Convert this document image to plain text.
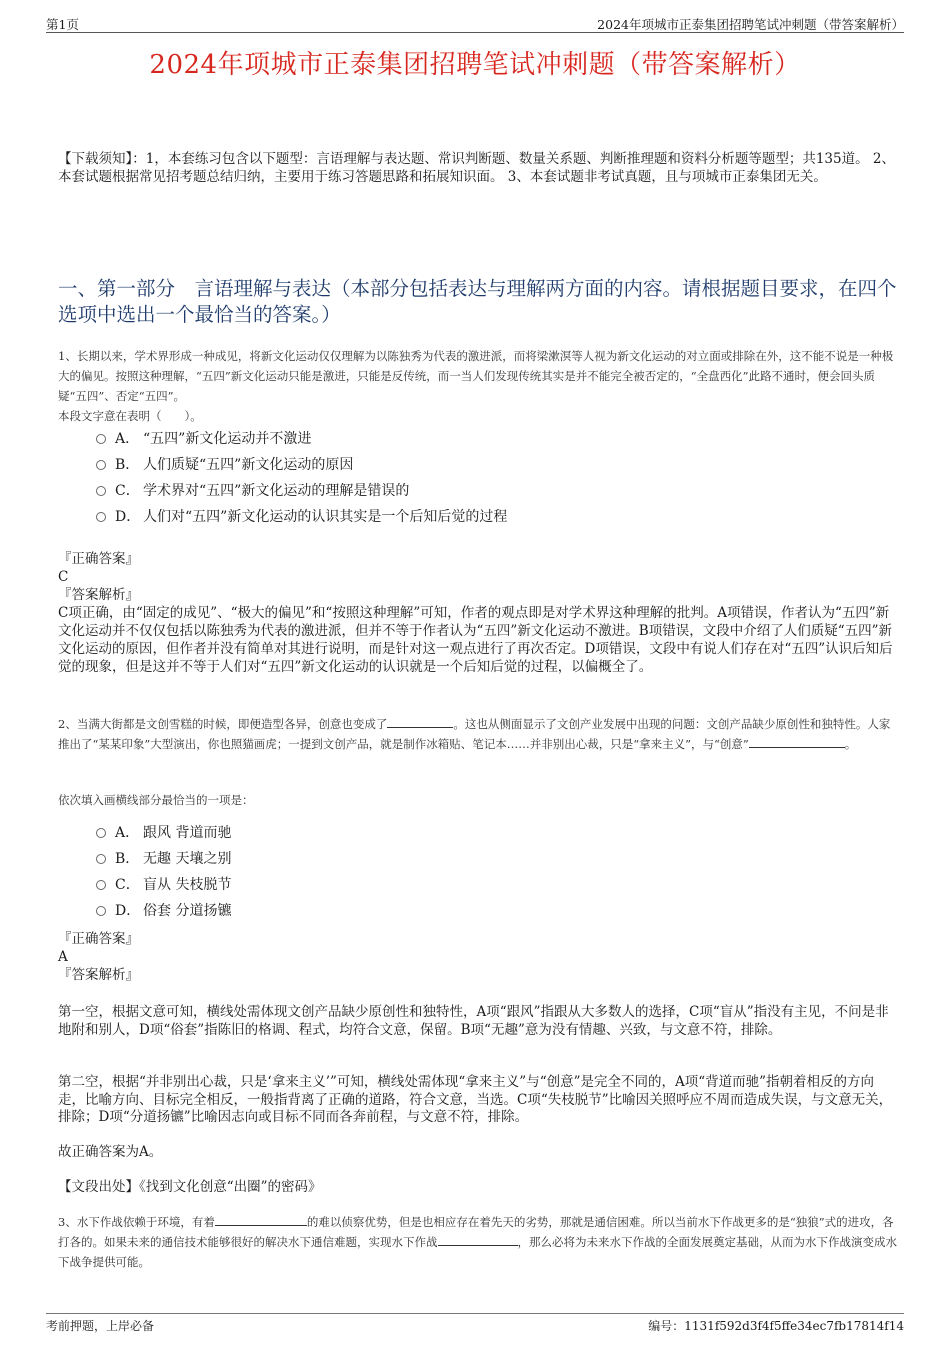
第1页	2024年项城市正泰集团招聘笔试冲刺题（带答案解析）
2024年项城市正泰集团招聘笔试冲刺题（带答案解析）
【下载须知】：1，本套练习包含以下题型：言语理解与表达题、常识判断题、数量关系题、判断推理题和资料分析题等题型；共135道。 2、本套试题根据常见招考题总结归纳，主要用于练习答题思路和拓展知识面。 3、本套试题非考试真题，且与项城市正泰集团无关。
一、第一部分　言语理解与表达（本部分包括表达与理解两方面的内容。请根据题目要求，在四个选项中选出一个最恰当的答案。）
1、长期以来，学术界形成一种成见，将新文化运动仅仅理解为以陈独秀为代表的激进派，而将梁漱溟等人视为新文化运动的对立面或排除在外，这不能不说是一种极大的偏见。按照这种理解，“五四”新文化运动只能是激进，只能是反传统，而一当人们发现传统其实是并不能完全被否定的，“全盘西化”此路不通时，便会回头质疑“五四”、否定“五四”。
本段文字意在表明（　　）。
A． “五四”新文化运动并不激进
B． 人们质疑“五四”新文化运动的原因
C． 学术界对“五四”新文化运动的理解是错误的
D． 人们对“五四”新文化运动的认识其实是一个后知后觉的过程
『正确答案』
C
『答案解析』
C项正确，由“固定的成见”、“极大的偏见”和“按照这种理解”可知，作者的观点即是对学术界这种理解的批判。A项错误，作者认为“五四”新文化运动并不仅仅包括以陈独秀为代表的激进派，但并不等于作者认为“五四”新文化运动不激进。B项错误，文段中介绍了人们质疑“五四”新文化运动的原因，但作者并没有简单对其进行说明，而是针对这一观点进行了再次否定。D项错误，文段中有说人们存在对“五四”认识后知后觉的现象，但是这并不等于人们对“五四”新文化运动的认识就是一个后知后觉的过程，以偏概全了。
2、当满大街都是文创雪糕的时候，即便造型各异，创意也变成了	。这也从侧面显示了文创产业发展中出现的问题：文创产品缺少原创性和独特性。人家推出了“某某印象”大型演出，你也照猫画虎；一提到文创产品，就是制作冰箱贴、笔记本……并非别出心裁，只是“拿来主义”，与“创意”	。
依次填入画横线部分最恰当的一项是：
A． 跟风 背道而驰
B． 无趣 天壤之别
C． 盲从 失枝脱节
D． 俗套 分道扬镳
『正确答案』
A
『答案解析』
第一空，根据文意可知，横线处需体现文创产品缺少原创性和独特性，A项“跟风”指跟从大多数人的选择，C项“盲从”指没有主见，不问是非地附和别人，D项“俗套”指陈旧的格调、程式，均符合文意，保留。B项“无趣”意为没有情趣、兴致，与文意不符，排除。
第二空，根据“并非别出心裁，只是‘拿来主义’”可知，横线处需体现“拿来主义”与“创意”是完全不同的，A项“背道而驰”指朝着相反的方向走，比喻方向、目标完全相反，一般指背离了正确的道路，符合文意，当选。C项“失枝脱节”比喻因关照呼应不周而造成失误，与文意无关，排除；D项“分道扬镳”比喻因志向或目标不同而各奔前程，与文意不符，排除。
故正确答案为A。
【文段出处】《找到文化创意“出圈”的密码》
3、水下作战依赖于环境，有着	的难以侦察优势，但是也相应存在着先天的劣势，那就是通信困难。所以当前水下作战更多的是“独狼”式的进攻，各打各的。如果未来的通信技术能够很好的解决水下通信难题，实现水下作战	，那么必将为未来水下作战的全面发展奠定基础，从而为水下作战演变成水下战争提供可能。
考前押题，上岸必备	编号：1131f592d3f4f5ffe34ec7fb17814f14
